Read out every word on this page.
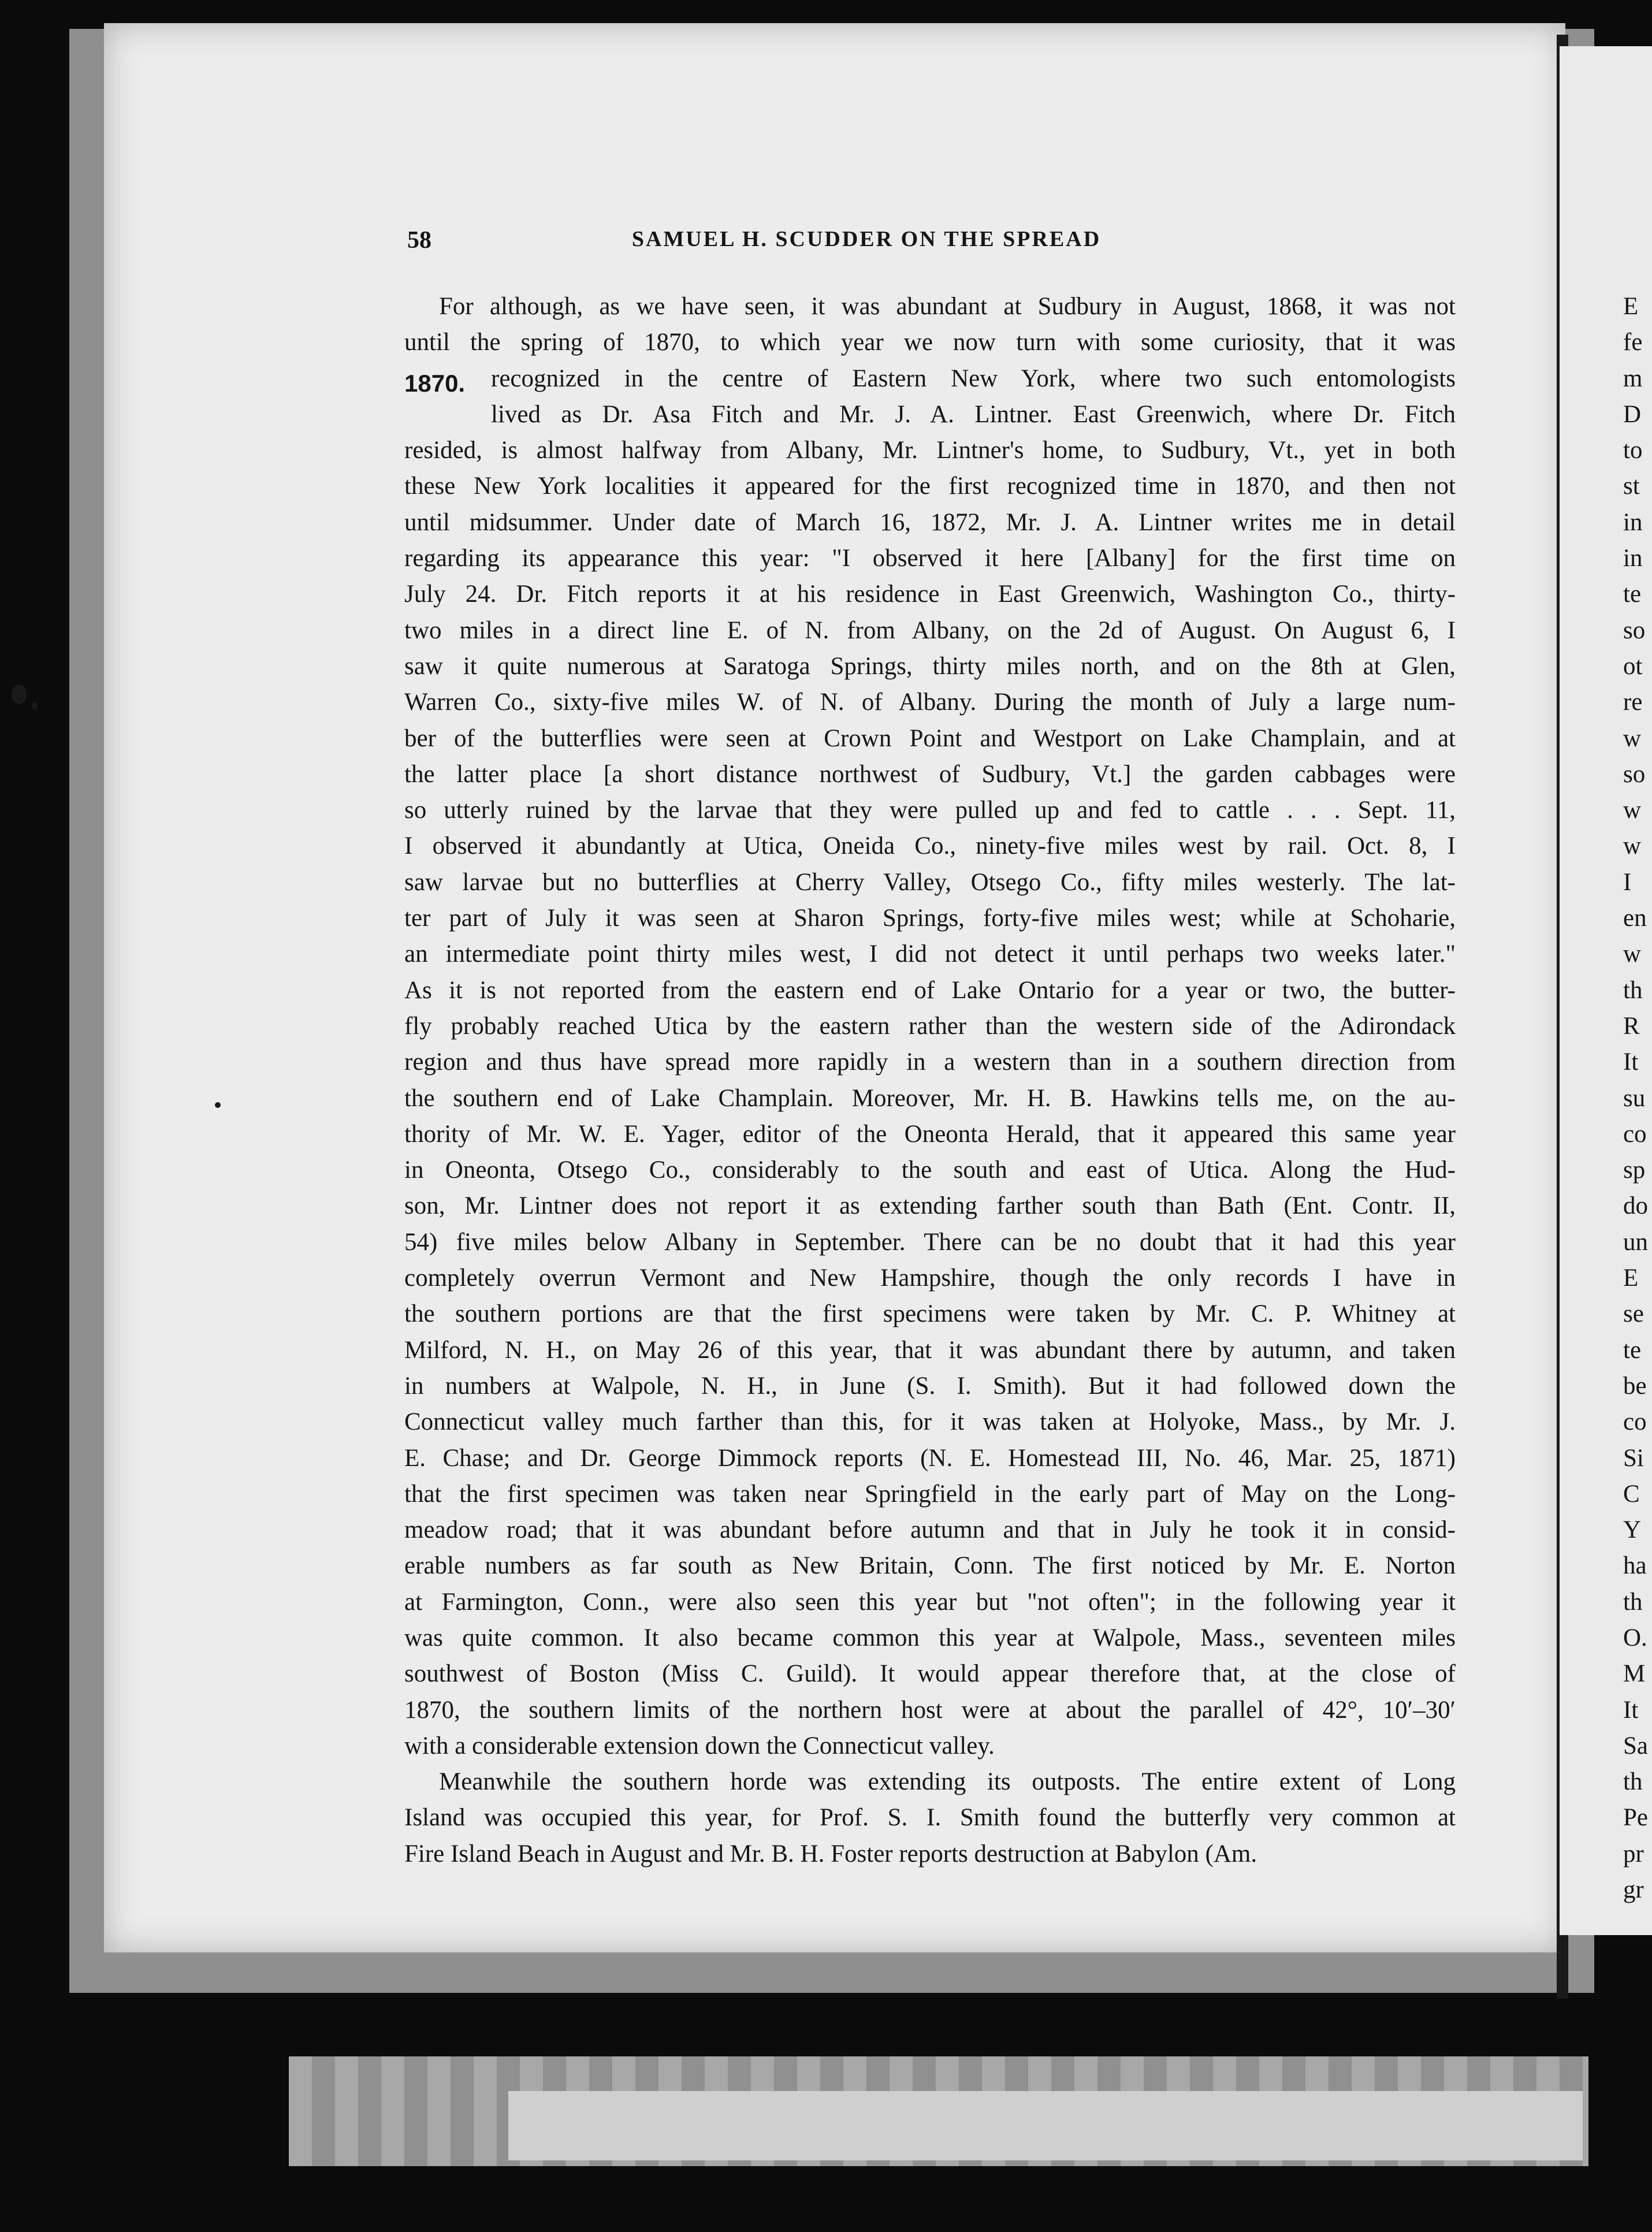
58	SAMUEL H. SCUDDER ON THE SPREAD
1870.
For although, as we have seen, it was abundant at Sudbury in August, 1868, it was not
until the spring of 1870, to which year we now turn with some curiosity, that it was
recognized in the centre of Eastern New York, where two such entomologists
lived as Dr. Asa Fitch and Mr. J. A. Lintner. East Greenwich, where Dr. Fitch
resided, is almost halfway from Albany, Mr. Lintner's home, to Sudbury, Vt., yet in both
these New York localities it appeared for the first recognized time in 1870, and then not
until midsummer. Under date of March 16, 1872, Mr. J. A. Lintner writes me in detail
regarding its appearance this year: "I observed it here [Albany] for the first time on
July 24. Dr. Fitch reports it at his residence in East Greenwich, Washington Co., thirty-
two miles in a direct line E. of N. from Albany, on the 2d of August. On August 6, I
saw it quite numerous at Saratoga Springs, thirty miles north, and on the 8th at Glen,
Warren Co., sixty-five miles W. of N. of Albany. During the month of July a large num-
ber of the butterflies were seen at Crown Point and Westport on Lake Champlain, and at
the latter place [a short distance northwest of Sudbury, Vt.] the garden cabbages were
so utterly ruined by the larvae that they were pulled up and fed to cattle . . . Sept. 11,
I observed it abundantly at Utica, Oneida Co., ninety-five miles west by rail. Oct. 8, I
saw larvae but no butterflies at Cherry Valley, Otsego Co., fifty miles westerly. The lat-
ter part of July it was seen at Sharon Springs, forty-five miles west; while at Schoharie,
an intermediate point thirty miles west, I did not detect it until perhaps two weeks later."
As it is not reported from the eastern end of Lake Ontario for a year or two, the butter-
fly probably reached Utica by the eastern rather than the western side of the Adirondack
region and thus have spread more rapidly in a western than in a southern direction from
the southern end of Lake Champlain. Moreover, Mr. H. B. Hawkins tells me, on the au-
thority of Mr. W. E. Yager, editor of the Oneonta Herald, that it appeared this same year
in Oneonta, Otsego Co., considerably to the south and east of Utica. Along the Hud-
son, Mr. Lintner does not report it as extending farther south than Bath (Ent. Contr. II,
54) five miles below Albany in September. There can be no doubt that it had this year
completely overrun Vermont and New Hampshire, though the only records I have in
the southern portions are that the first specimens were taken by Mr. C. P. Whitney at
Milford, N. H., on May 26 of this year, that it was abundant there by autumn, and taken
in numbers at Walpole, N. H., in June (S. I. Smith). But it had followed down the
Connecticut valley much farther than this, for it was taken at Holyoke, Mass., by Mr. J.
E. Chase; and Dr. George Dimmock reports (N. E. Homestead III, No. 46, Mar. 25, 1871)
that the first specimen was taken near Springfield in the early part of May on the Long-
meadow road; that it was abundant before autumn and that in July he took it in consid-
erable numbers as far south as New Britain, Conn. The first noticed by Mr. E. Norton
at Farmington, Conn., were also seen this year but "not often"; in the following year it
was quite common. It also became common this year at Walpole, Mass., seventeen miles
southwest of Boston (Miss C. Guild). It would appear therefore that, at the close of
1870, the southern limits of the northern host were at about the parallel of 42°, 10′–30′
with a considerable extension down the Connecticut valley.
Meanwhile the southern horde was extending its outposts. The entire extent of Long
Island was occupied this year, for Prof. S. I. Smith found the butterfly very common at
Fire Island Beach in August and Mr. B. H. Foster reports destruction at Babylon (Am.
E
fe
m
D
to
st
in
in
te
so
ot
re
w
so
w
w
I
en
w
th
R
It
su
co
sp
do
un
E
se
te
be
co
Si
C
Y
ha
th
O.
M
It
Sa
th
Pe
pr
gr
